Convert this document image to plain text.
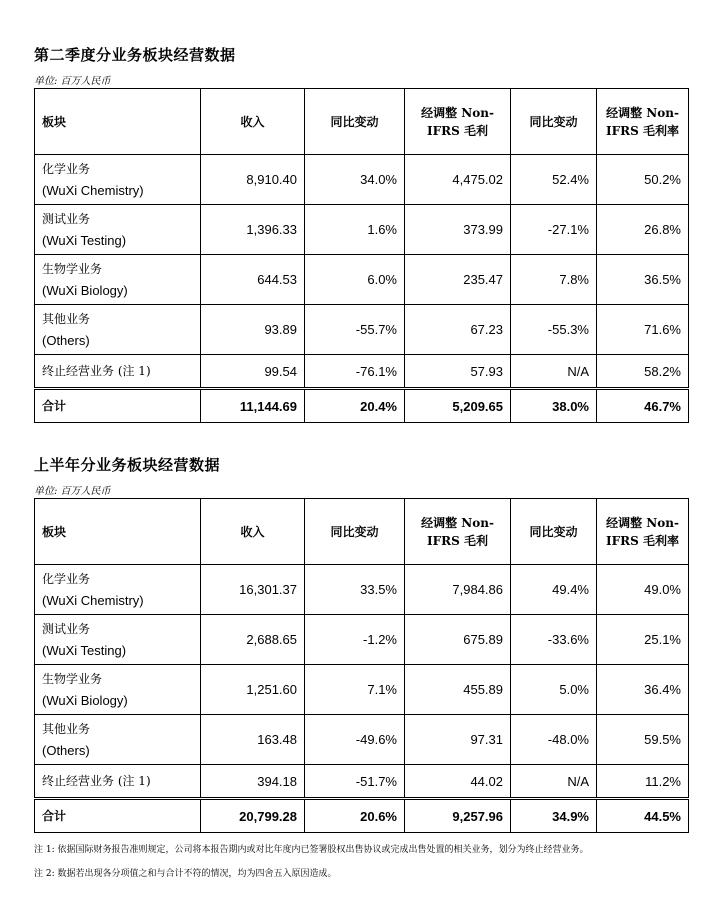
第二季度分业务板块经营数据
单位: 百万人民币
板块	收入	同比变动	经调整 Non-IFRS 毛利	同比变动	经调整 Non-IFRS 毛利率

化学业务
(WuXi Chemistry)	8,910.40	34.0%	4,475.02	52.4%	50.2%

测试业务
(WuXi Testing)	1,396.33	1.6%	373.99	-27.1%	26.8%

生物学业务
(WuXi Biology)	644.53	6.0%	235.47	7.8%	36.5%

其他业务
(Others)	93.89	-55.7%	67.23	-55.3%	71.6%
终止经营业务 (注 1)	99.54	-76.1%	57.93	N/A	58.2%
合计	11,144.69	20.4%	5,209.65	38.0%	46.7%
上半年分业务板块经营数据
单位: 百万人民币
板块	收入	同比变动	经调整 Non-IFRS 毛利	同比变动	经调整 Non-IFRS 毛利率

化学业务
(WuXi Chemistry)	16,301.37	33.5%	7,984.86	49.4%	49.0%

测试业务
(WuXi Testing)	2,688.65	-1.2%	675.89	-33.6%	25.1%

生物学业务
(WuXi Biology)	1,251.60	7.1%	455.89	5.0%	36.4%

其他业务
(Others)	163.48	-49.6%	97.31	-48.0%	59.5%
终止经营业务 (注 1)	394.18	-51.7%	44.02	N/A	11.2%
合计	20,799.28	20.6%	9,257.96	34.9%	44.5%

注 1: 依据国际财务报告准则规定，公司将本报告期内或对比年度内已签署股权出售协议或完成出售处置的相关业务，划分为终止经营业务。

注 2: 数据若出现各分项值之和与合计不符的情况，均为四舍五入原因造成。
